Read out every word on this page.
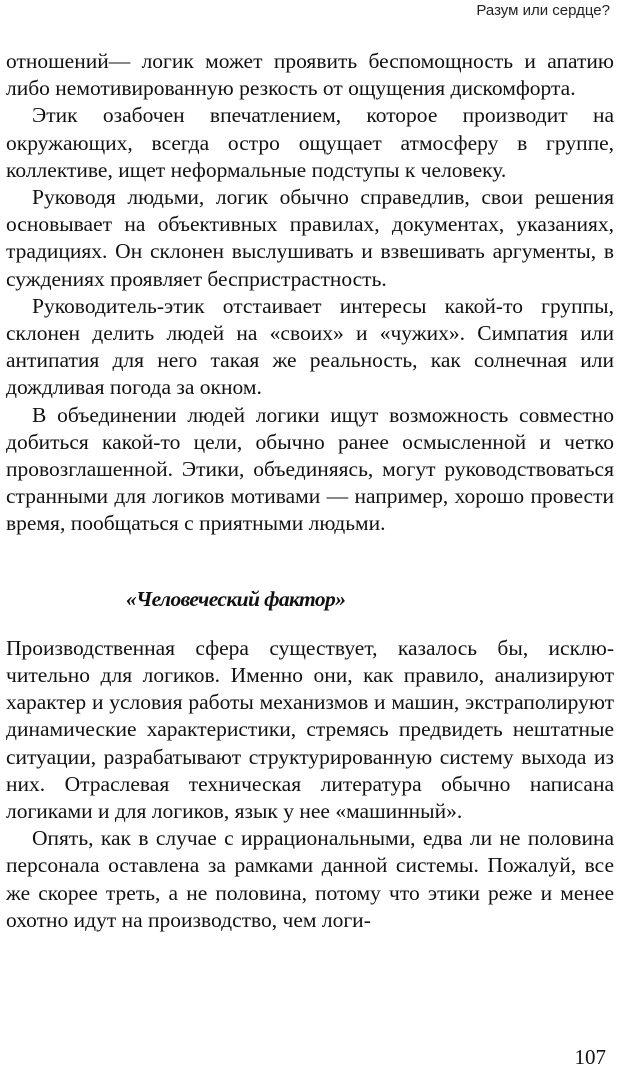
Разум или сердце?

отношений— логик может проявить беспомощность и апатию либо немотивированную резкость от ощущения дискомфорта.

Этик озабочен впечатлением, которое производит на окружающих, всегда остро ощущает атмосферу в группе, коллективе, ищет неформальные подступы к человеку.

Руководя людьми, логик обычно справедлив, свои решения основывает на объективных правилах, документах, указаниях, традициях. Он склонен выслушивать и взвешивать аргументы, в суждениях проявляет беспристрастность.

Руководитель-этик отстаивает интересы какой-то группы, склонен делить людей на «своих» и «чужих». Симпатия или антипатия для него такая же реальность, как солнечная или дождливая погода за окном.

В объединении людей логики ищут возможность совместно добиться какой-то цели, обычно ранее осмысленной и четко провозглашенной. Этики, объединяясь, могут руководствоваться странными для логиков мотивами — например, хорошо провести время, пообщаться с приятными людьми.

«Человеческий фактор»

Производственная сфера существует, казалось бы, исключительно для логиков. Именно они, как правило, анализируют характер и условия работы механизмов и машин, экстраполируют динамические характеристики, стремясь предвидеть нештатные ситуации, разрабатывают структурированную систему выхода из них. Отраслевая техническая литература обычно написана логиками и для логиков, язык у нее «машинный».

Опять, как в случае с иррациональными, едва ли не половина персонала оставлена за рамками данной системы. Пожалуй, все же скорее треть, а не половина, потому что этики реже и менее охотно идут на производство, чем логи-

107
